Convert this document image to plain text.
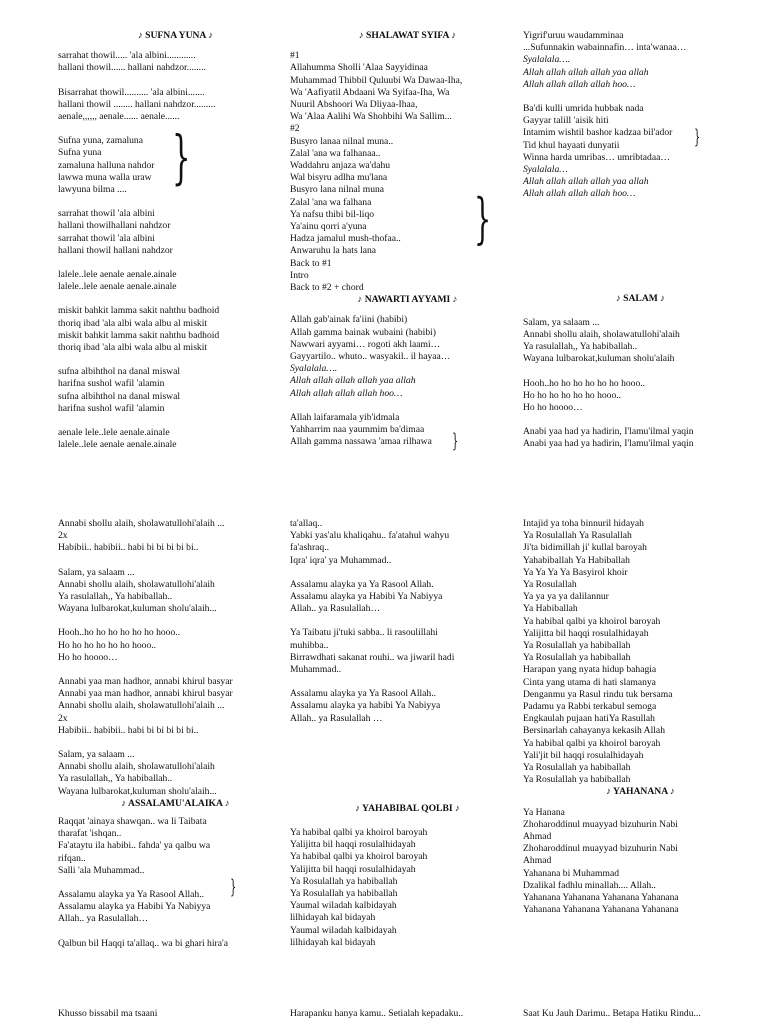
♪ SUFNA YUNA ♪
sarrahat thowil..... 'ala albini............
hallani thowil...... hallani nahdzor........
Bisarrahat thowil.......... 'ala albini.......
hallani thowil ........ hallani nahdzor.........
aenale,,,,,, aenale...... aenale......
Sufna yuna, zamaluna
Sufna yuna
zamaluna halluna nahdor
lawwa muna walla uraw
lawyuna bilma ....
sarrahat thowil 'ala albini
hallani thowilhallani nahdzor
sarrahat thowil 'ala albini
hallani thowil hallani nahdzor
lalele..lele aenale aenale.ainale
lalele..lele aenale aenale.ainale
miskit bahkit lamma sakit nahthu badhoid
thoriq ibad 'ala albi wala albu al miskit
miskit bahkit lamma sakit nahthu badhoid
thoriq ibad 'ala albi wala albu al miskit
sufna albihthol na danal miswal
harifna sushol wafil 'alamin
sufna albihthol na danal miswal
harifna sushol wafil 'alamin
aenale lele..lele aenale.ainale
lalele..lele aenale aenale.ainale
}
♪ SHALAWAT SYIFA ♪
#1
Allahumma Sholli 'Alaa Sayyidinaa
Muhammad Thibbil Quluubi Wa Dawaa-Iha,
Wa 'Aafiyatil Abdaani Wa Syifaa-Iha, Wa
Nuuril Abshoori Wa Dliyaa-Ihaa,
Wa 'Alaa Aalihi Wa Shohbihi Wa Sallim...
#2
Busyro lanaa nilnal muna..
Zalal 'ana wa falhanaa..
Waddahru anjaza wa'dahu
Wal bisyru adlha mu'lana
Busyro lana nilnal muna
Zalal 'ana wa falhana
Ya nafsu thibi bil-liqo
Ya'ainu qorri a'yuna
Hadza jamalul mush-thofaa..
Anwaruhu la hats lana
Back to #1
Intro
Back to #2 + chord
♪ NAWARTI AYYAMI ♪
Allah gab'ainak fa'iini (habibi)
Allah gamma bainak wubaini (habibi)
Nawwari ayyami… rogoti akh laami…
Gayyartilo.. whuto.. wasyakil.. il hayaa…
Syalalala….
Allah allah allah allah yaa allah
Allah allah allah allah hoo…
Allah laifaramala yib'idmala
Yahharrim naa yaummim ba'dimaa
Allah gamma nassawa 'amaa rilhawa
}
}
Yigrif'uruu waudamminaa
...Sufunnakin wabainnafin… inta'wanaa…
Syalalala….
Allah allah allah allah yaa allah
Allah allah allah allah hoo…
Ba'di kulli umrida hubbak nada
Gayyar talill 'aisik hiti
Intamim wishtil bashor kadzaa bil'ador
Tid khul hayaati dunyatii
Winna harda umribas… umribtadaa…
Syalalala…
Allah allah allah allah yaa allah
Allah allah allah allah hoo…
♪ SALAM ♪
Salam, ya salaam ...
Annabi shollu alaih, sholawatullohi'alaih
Ya rasulallah,, Ya habiballah..
Wayana lulbarokat,kuluman sholu'alaih
Hooh..ho ho ho ho ho ho hooo..
Ho ho ho ho ho ho hooo..
Ho ho hoooo…
Anabi yaa had ya hadirin, I'lamu'ilmal yaqin
Anabi yaa had ya hadirin, I'lamu'ilmal yaqin
}
Annabi shollu alaih, sholawatullohi'alaih ...
2x
Habibii.. habibii.. habi bi bi bi bi bi..
Salam, ya salaam ...
Annabi shollu alaih, sholawatullohi'alaih
Ya rasulallah,, Ya habiballah..
Wayana lulbarokat,kuluman sholu'alaih...
Hooh..ho ho ho ho ho ho hooo..
Ho ho ho ho ho ho hooo..
Ho ho hoooo…
Annabi yaa man hadhor, annabi khirul basyar
Annabi yaa man hadhor, annabi khirul basyar
Annabi shollu alaih, sholawatullohi'alaih ...
2x
Habibii.. habibii.. habi bi bi bi bi bi..
Salam, ya salaam ...
Annabi shollu alaih, sholawatullohi'alaih
Ya rasulallah,, Ya habiballah..
Wayana lulbarokat,kuluman sholu'alaih...
♪ ASSALAMU'ALAIKA ♪
Raqqat 'ainaya shawqan.. wa li Taibata
tharafat 'ishqan..
Fa'ataytu ila habibi.. fahda' ya qalbu wa
rifqan..
Salli 'ala Muhammad..
Assalamu alayka ya Ya Rasool Allah..
Assalamu alayka ya Habibi Ya Nabiyya
Allah.. ya Rasulallah…
Qalbun bil Haqqi ta'allaq.. wa bi ghari hira'a
}
ta'allaq..
Yabki yas'alu khaliqahu.. fa'atahul wahyu
fa'ashraq..
Iqra' iqra' ya Muhammad..
Assalamu alayka ya Ya Rasool Allah.
Assalamu alayka ya Habibi Ya Nabiyya
Allah.. ya Rasulallah…
Ya Taibatu ji'tuki sabba.. li rasoulillahi
muhibba..
Birrawdhati sakanat rouhi.. wa jiwaril hadi
Muhammad..
Assalamu alayka ya Ya Rasool Allah..
Assalamu alayka ya habibi Ya Nabiyya
Allah.. ya Rasulallah …
♪ YAHABIBAL QOLBI ♪
Ya habibal qalbi ya khoirol baroyah
Yalijitta bil haqqi rosulalhidayah
Ya habibal qalbi ya khoirol baroyah
Yalijitta bil haqqi rosulalhidayah
Ya Rosulallah ya habiballah
Ya Rosulallah ya habiballah
Yaumal wiladah kalbidayah
lilhidayah kal bidayah
Yaumal wiladah kalbidayah
lilhidayah kal bidayah
Intajid ya toha binnuril hidayah
Ya Rosulallah Ya Rasulallah
Ji'ta bidimillah ji' kullal baroyah
Yahabiballah Ya Habiballah
Ya Ya Ya Ya Basyirol khoir
Ya Rosulallah
Ya ya ya ya dalilannur
Ya Habiballah
Ya habibal qalbi ya khoirol baroyah
Yalijitta bil haqqi rosulalhidayah
Ya Rosulallah ya habiballah
Ya Rosulallah ya habiballah
Harapan yang nyata hidup bahagia
Cinta yang utama di hati slamanya
Denganmu ya Rasul rindu tuk bersama
Padamu ya Rabbi terkabul semoga
Engkaulah pujaan hatiYa Rasullah
Bersinarlah cahayanya kekasih Allah
Ya habibal qalbi ya khoirol baroyah
Yali'jit bil haqqi rosulalhidayah
Ya Rosulallah ya habiballah
Ya Rosulallah ya habiballah
♪ YAHANANA ♪
Ya Hanana
Zhoharoddinul muayyad bizuhurin Nabi
Ahmad
Zhoharoddinul muayyad bizuhurin Nabi
Ahmad
Yahanana bi Muhammad
Dzalikal fadhlu minallah.... Allah..
Yahanana Yahanana Yahanana Yahanana
Yahanana Yahanana Yahanana Yahanana
Khusso bissabil ma tsaani	Harapanku hanya kamu.. Setialah kepadaku..	Saat Ku Jauh Darimu.. Betapa Hatiku Rindu...
